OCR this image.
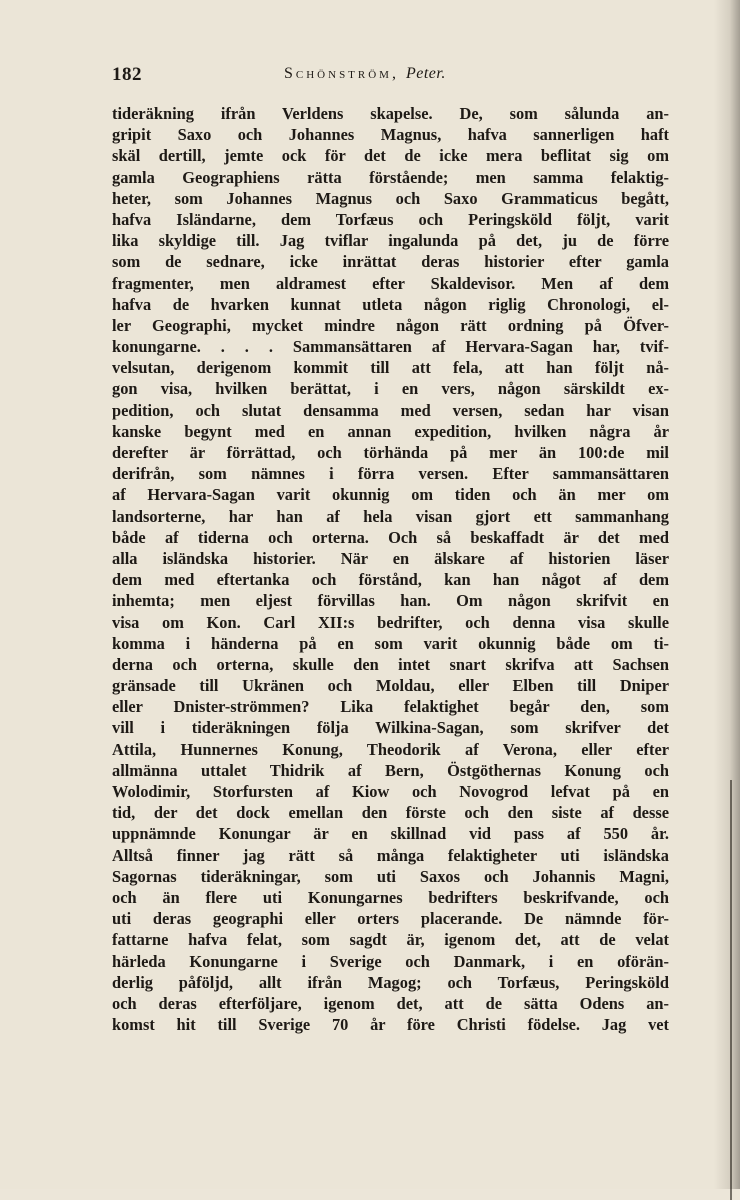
182	Schönström, Peter.
tideräkning ifrån Verldens skapelse. De, som sålunda an-
gripit Saxo och Johannes Magnus, hafva sannerligen haft
skäl dertill, jemte ock för det de icke mera beflitat sig om
gamla Geographiens rätta förstående; men samma felaktig-
heter, som Johannes Magnus och Saxo Grammaticus begått,
hafva Isländarne, dem Torfæus och Peringsköld följt, varit
lika skyldige till. Jag tviflar ingalunda på det, ju de förre
som de sednare, icke inrättat deras historier efter gamla
fragmenter, men aldramest efter Skaldevisor. Men af dem
hafva de hvarken kunnat utleta någon riglig Chronologi, el-
ler Geographi, mycket mindre någon rätt ordning på Öfver-
konungarne. . . . Sammansättaren af Hervara-Sagan har, tvif-
velsutan, derigenom kommit till att fela, att han följt nå-
gon visa, hvilken berättat, i en vers, någon särskildt ex-
pedition, och slutat densamma med versen, sedan har visan
kanske begynt med en annan expedition, hvilken några år
derefter är förrättad, och törhända på mer än 100:de mil
derifrån, som nämnes i förra versen. Efter sammansättaren
af Hervara-Sagan varit okunnig om tiden och än mer om
landsorterne, har han af hela visan gjort ett sammanhang
både af tiderna och orterna. Och så beskaffadt är det med
alla isländska historier. När en älskare af historien läser
dem med eftertanka och förstånd, kan han något af dem
inhemta; men eljest förvillas han. Om någon skrifvit en
visa om Kon. Carl XII:s bedrifter, och denna visa skulle
komma i händerna på en som varit okunnig både om ti-
derna och orterna, skulle den intet snart skrifva att Sachsen
gränsade till Ukränen och Moldau, eller Elben till Dniper
eller Dnister-strömmen? Lika felaktighet begår den, som
vill i tideräkningen följa Wilkina-Sagan, som skrifver det
Attila, Hunnernes Konung, Theodorik af Verona, eller efter
allmänna uttalet Thidrik af Bern, Östgöthernas Konung och
Wolodimir, Storfursten af Kiow och Novogrod lefvat på en
tid, der det dock emellan den förste och den siste af desse
uppnämnde Konungar är en skillnad vid pass af 550 år.
Alltså finner jag rätt så många felaktigheter uti isländska
Sagornas tideräkningar, som uti Saxos och Johannis Magni,
och än flere uti Konungarnes bedrifters beskrifvande, och
uti deras geographi eller orters placerande. De nämnde för-
fattarne hafva felat, som sagdt är, igenom det, att de velat
härleda Konungarne i Sverige och Danmark, i en oförän-
derlig påföljd, allt ifrån Magog; och Torfæus, Peringsköld
och deras efterföljare, igenom det, att de sätta Odens an-
komst hit till Sverige 70 år före Christi födelse. Jag vet
